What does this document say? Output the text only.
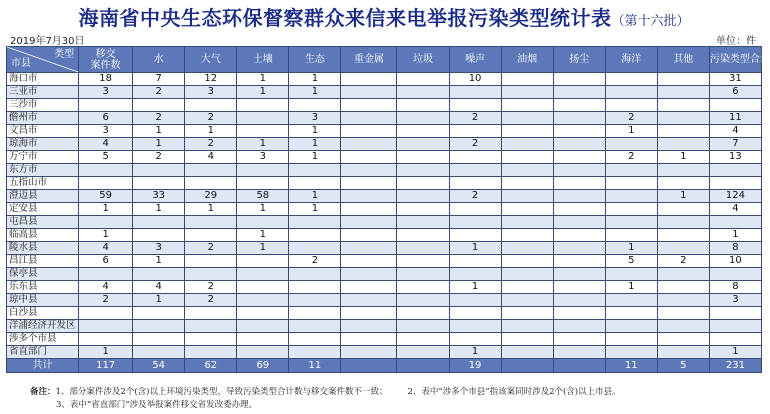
海南省中央生态环保督察群众来信来电举报污染类型统计表（第十六批）
2019年7月30日	单位：件
类型
市县	移交
案件数	水	大气	土壤	生态	重金属	垃圾	噪声	油烟	扬尘	海洋	其他	污染类型合计
海口市	18	7	12	1	1			10					31
三亚市	3	2	3	1	1								6
三沙市													
儋州市	6	2	2		3			2			2		11
文昌市	3	1	1		1						1		4
琼海市	4	1	2	1	1			2					7
万宁市	5	2	4	3	1						2	1	13
东方市													
五指山市													
澄迈县	59	33	29	58	1			2				1	124
定安县	1	1	1	1	1								4
屯昌县													
临高县	1			1									1
陵水县	4	3	2	1				1			1		8
昌江县	6	1			2						5	2	10
保亭县													
乐东县	4	4	2					1			1		8
琼中县	2	1	2										3
白沙县													
洋浦经济开发区													
涉多个市县													
省直部门	1							1					1
共计	117	54	62	69	11			19			11	5	231
备注：1、部分案件涉及2个(含)以上环境污染类型，导致污染类型合计数与移交案件数不一致； 2、表中“涉多个市县”指该案同时涉及2个(含)以上市县。
3、表中“省直部门”涉及举报案件移交省发改委办理。
